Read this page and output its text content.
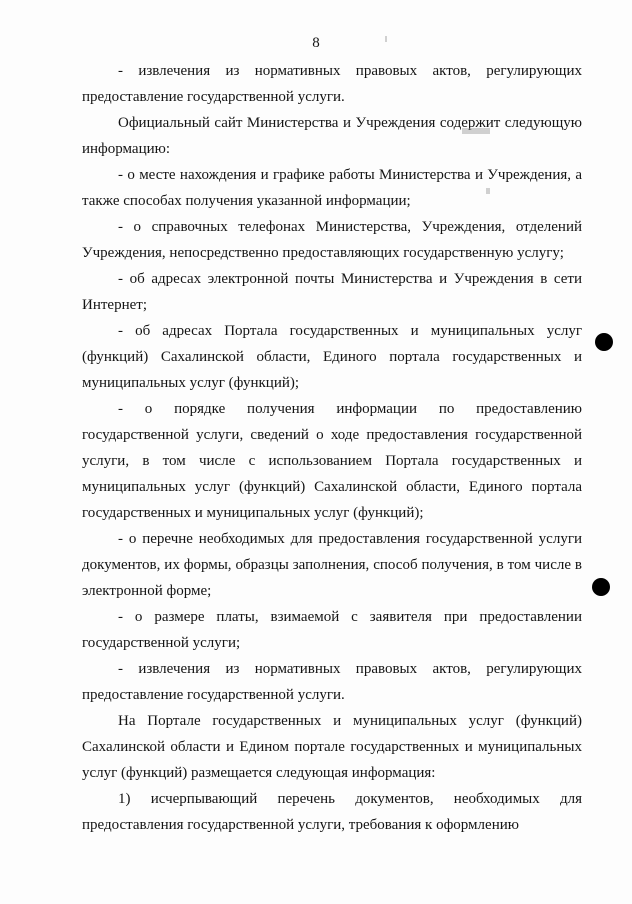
8

- извлечения из нормативных правовых актов, регулирующих предоставление государственной услуги.

Официальный сайт Министерства и Учреждения содержит следующую информацию:

- о месте нахождения и графике работы Министерства и Учреждения, а также способах получения указанной информации;

- о справочных телефонах Министерства, Учреждения, отделений Учреждения, непосредственно предоставляющих государственную услугу;

- об адресах электронной почты Министерства и Учреждения в сети Интернет;

- об адресах Портала государственных и муниципальных услуг (функций) Сахалинской области, Единого портала государственных и муниципальных услуг (функций);

- о порядке получения информации по предоставлению государственной услуги, сведений о ходе предоставления государственной услуги, в том числе с использованием Портала государственных и муниципальных услуг (функций) Сахалинской области, Единого портала государственных и муниципальных услуг (функций);

- о перечне необходимых для предоставления государственной услуги документов, их формы, образцы заполнения, способ получения, в том числе в электронной форме;

- о размере платы, взимаемой с заявителя при предоставлении государственной услуги;

- извлечения из нормативных правовых актов, регулирующих предоставление государственной услуги.

На Портале государственных и муниципальных услуг (функций) Сахалинской области и Едином портале государственных и муниципальных услуг (функций) размещается следующая информация:

1) исчерпывающий перечень документов, необходимых для предоставления государственной услуги, требования к оформлению
